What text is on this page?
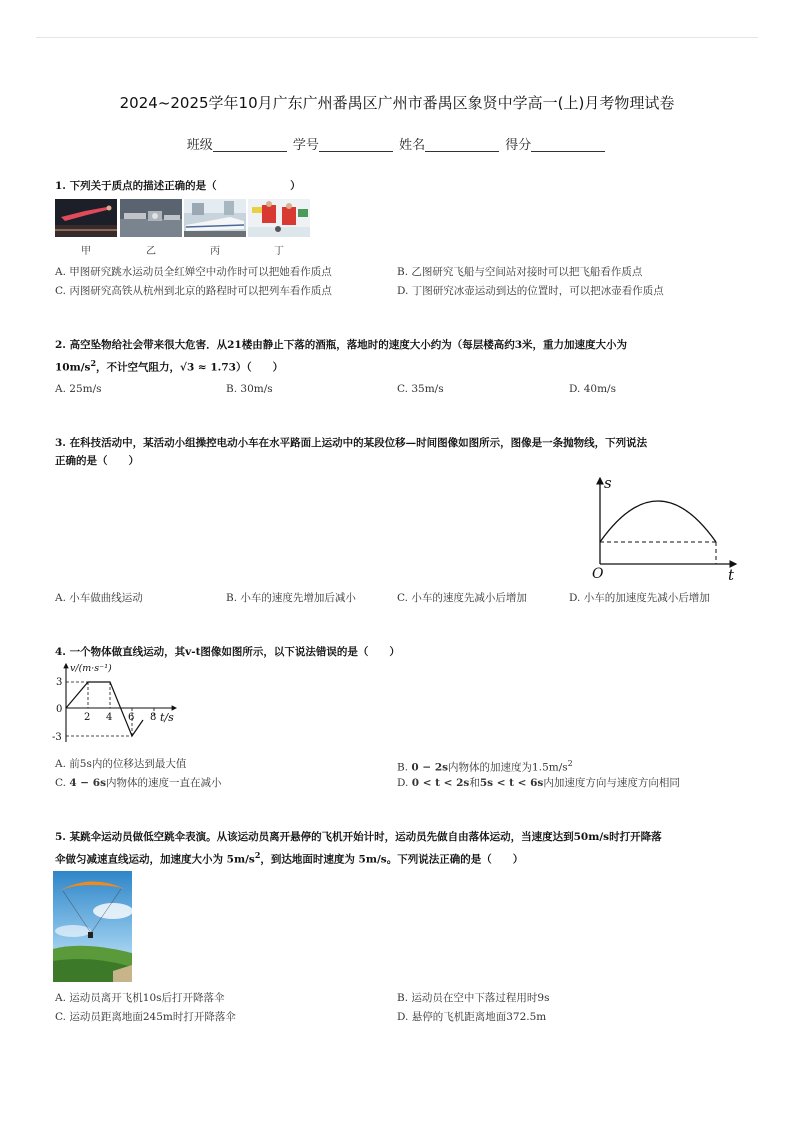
2024~2025学年10月广东广州番禺区广州市番禺区象贤中学高一(上)月考物理试卷
班级	学号	姓名	得分
1. 下列关于质点的描述正确的是（　　　　　　　）
甲	乙	丙	丁
A. 甲图研究跳水运动员全红婵空中动作时可以把她看作质点	B. 乙图研究飞船与空间站对接时可以把飞船看作质点
C. 丙图研究高铁从杭州到北京的路程时可以把列车看作质点	D. 丁图研究冰壶运动到达的位置时，可以把冰壶看作质点
2. 高空坠物给社会带来很大危害．从21楼由静止下落的酒瓶，落地时的速度大小约为（每层楼高约3米，重力加速度大小为
$10m/s^2$，不计空气阻力，√3 ≈ 1.73）（　　）
A. 25m/s	B. 30m/s	C. 35m/s	D. 40m/s
3. 在科技活动中，某活动小组操控电动小车在水平路面上运动中的某段位移—时间图像如图所示，图像是一条抛物线，下列说法
正确的是（　　）
s
t
O
A. 小车做曲线运动	B. 小车的速度先增加后减小	C. 小车的速度先减小后增加	D. 小车的加速度先减小后增加
4. 一个物体做直线运动，其v-t图像如图所示，以下说法错误的是（　　）
v/(m·s⁻¹)
t/s
3
0
-3
2 4 6 8
A. 前5s内的位移达到最大值	B. 0 − 2s内物体的加速度为$1.5m/s^2$
C. 4 − 6s内物体的速度一直在减小	D. 0 < t < 2s和5s < t < 6s内加速度方向与速度方向相同
5. 某跳伞运动员做低空跳伞表演。从该运动员离开悬停的飞机开始计时，运动员先做自由落体运动，当速度达到50m/s时打开降落
伞做匀减速直线运动，加速度大小为 $5m/s^2$，到达地面时速度为 5m/s。下列说法正确的是（　　）
A. 运动员离开飞机10s后打开降落伞	B. 运动员在空中下落过程用时9s
C. 运动员距离地面245m时打开降落伞	D. 悬停的飞机距离地面372.5m
